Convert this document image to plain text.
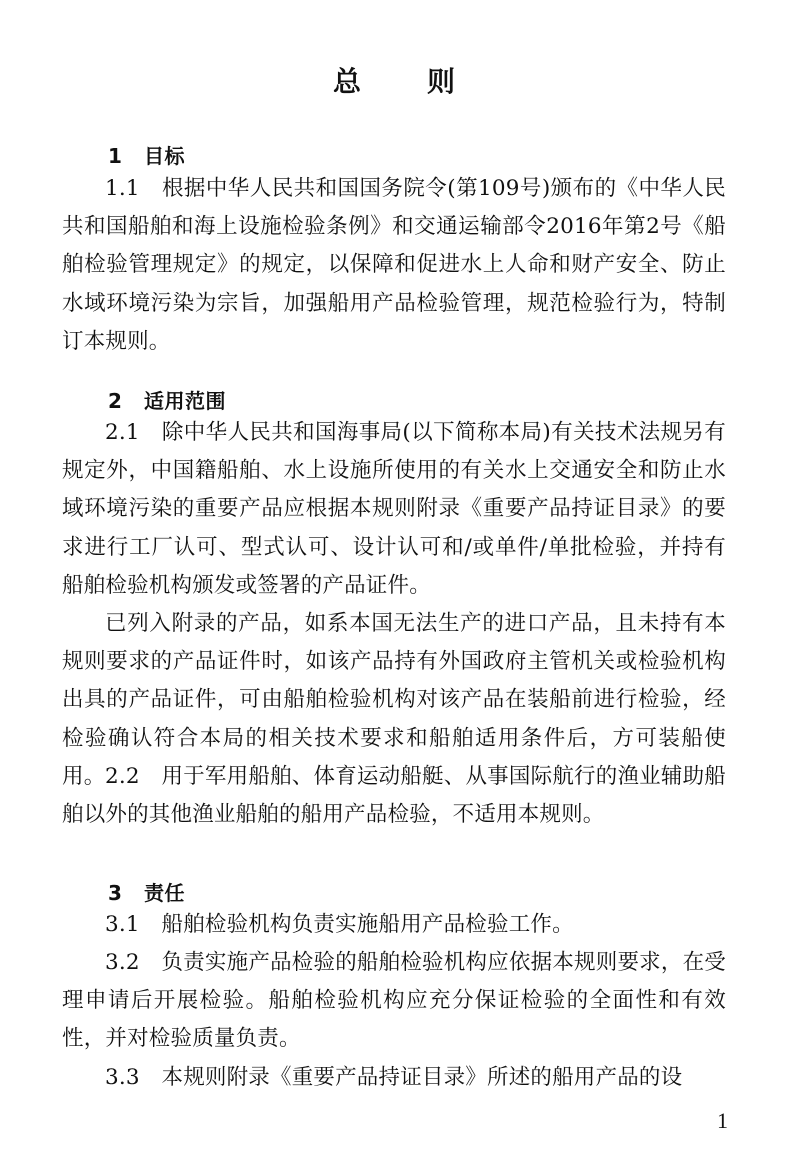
总 则
1 目标
1.1　根据中华人民共和国国务院令(第109号)颁布的《中华人民共和国船舶和海上设施检验条例》和交通运输部令2016年第2号《船舶检验管理规定》的规定，以保障和促进水上人命和财产安全、防止水域环境污染为宗旨，加强船用产品检验管理，规范检验行为，特制订本规则。
2 适用范围
2.1　除中华人民共和国海事局(以下简称本局)有关技术法规另有规定外，中国籍船舶、水上设施所使用的有关水上交通安全和防止水域环境污染的重要产品应根据本规则附录《重要产品持证目录》的要求进行工厂认可、型式认可、设计认可和/或单件/单批检验，并持有船舶检验机构颁发或签署的产品证件。
已列入附录的产品，如系本国无法生产的进口产品，且未持有本规则要求的产品证件时，如该产品持有外国政府主管机关或检验机构出具的产品证件，可由船舶检验机构对该产品在装船前进行检验，经检验确认符合本局的相关技术要求和船舶适用条件后，方可装船使用。 2.2　用于军用船舶、体育运动船艇、从事国际航行的渔业辅助船舶以外的其他渔业船舶的船用产品检验，不适用本规则。
3 责任
3.1　船舶检验机构负责实施船用产品检验工作。
3.2　负责实施产品检验的船舶检验机构应依据本规则要求，在受理申请后开展检验。船舶检验机构应充分保证检验的全面性和有效性，并对检验质量负责。
3.3　本规则附录《重要产品持证目录》所述的船用产品的设
1
